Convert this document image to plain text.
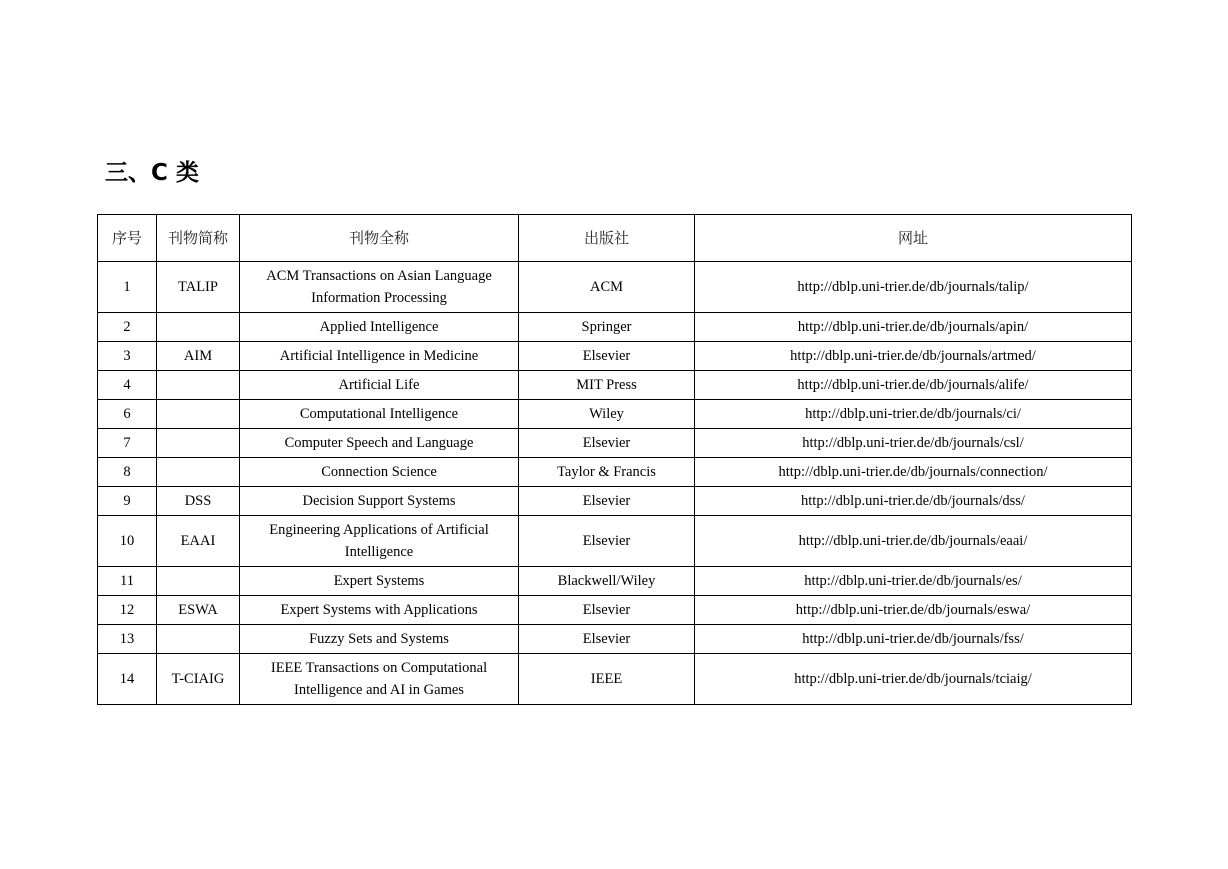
三、C 类
序号	刊物简称	刊物全称	出版社	网址
1	TALIP	ACM Transactions on Asian Language Information Processing	ACM	http://dblp.uni-trier.de/db/journals/talip/
2		Applied Intelligence	Springer	http://dblp.uni-trier.de/db/journals/apin/
3	AIM	Artificial Intelligence in Medicine	Elsevier	http://dblp.uni-trier.de/db/journals/artmed/
4		Artificial Life	MIT Press	http://dblp.uni-trier.de/db/journals/alife/
6		Computational Intelligence	Wiley	http://dblp.uni-trier.de/db/journals/ci/
7		Computer Speech and Language	Elsevier	http://dblp.uni-trier.de/db/journals/csl/
8		Connection Science	Taylor & Francis	http://dblp.uni-trier.de/db/journals/connection/
9	DSS	Decision Support Systems	Elsevier	http://dblp.uni-trier.de/db/journals/dss/
10	EAAI	Engineering Applications of Artificial Intelligence	Elsevier	http://dblp.uni-trier.de/db/journals/eaai/
11		Expert Systems	Blackwell/Wiley	http://dblp.uni-trier.de/db/journals/es/
12	ESWA	Expert Systems with Applications	Elsevier	http://dblp.uni-trier.de/db/journals/eswa/
13		Fuzzy Sets and Systems	Elsevier	http://dblp.uni-trier.de/db/journals/fss/
14	T-CIAIG	IEEE Transactions on Computational Intelligence and AI in Games	IEEE	http://dblp.uni-trier.de/db/journals/tciaig/
